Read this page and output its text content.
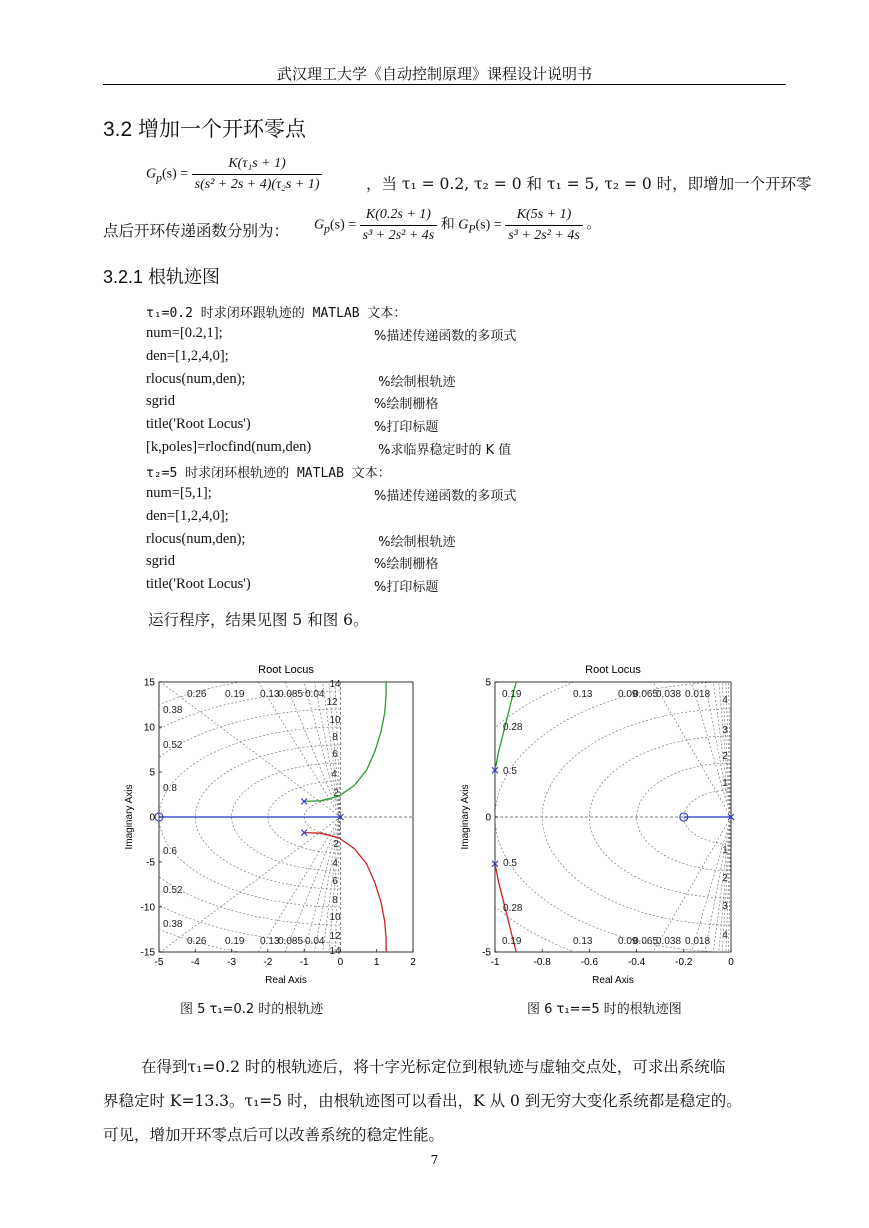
武汉理工大学《自动控制原理》课程设计说明书
3.2 增加一个开环零点
$G_p(s) = \frac{\text{K(τ₁s + 1)}}{\text{s(s² + 2s + 4)(τ₂s + 1)}}$	，当 τ₁ = 0.2, τ₂ = 0 和 τ₁ = 5, τ₂ = 0 时，即增加一个开环零
点后开环传递函数分别为： $G_p(s) = \frac{K(0.2s + 1)}{\text{s³ + 2s² + 4s}}$ 和 $G_P(s) = \frac{K(5s + 1)}{\text{s³ + 2s² + 4s}}$ 。
3.2.1 根轨迹图
τ₁=0.2 时求闭环跟轨迹的 MATLAB 文本：
num=[0.2,1];	%描述传递函数的多项式
den=[1,2,4,0];
rlocus(num,den);	%绘制根轨迹
sgrid	%绘制栅格
title('Root Locus')	%打印标题
[k,poles]=rlocfind(num,den)	%求临界稳定时的 K 值
τ₂=5 时求闭环根轨迹的 MATLAB 文本：
num=[5,1];	%描述传递函数的多项式
den=[1,2,4,0];
rlocus(num,den);	%绘制根轨迹
sgrid	%绘制栅格
title('Root Locus')	%打印标题
运行程序，结果见图 5 和图 6。
Root Locus
0.26 0.19 0.13
0.085 0.04
0.38
0.52
0.8
0.6
0.52
0.38
0.26 0.19 0.13
0.085 0.04
14
12
10
8
6
4
2
2
4
6
8
10
12
14
-5	-4	-3	-2	-1	0	1	2
15
10
5
0
-5
-10
-15
Real Axis
Imaginary Axis
Root Locus
0.19	0.13	0.09
0.065
0.038 0.018
0.28
0.5
0.5
0.28
0.19	0.13	0.09
0.065
0.038 0.018
4
3
2
1
1
2
3
4
-1	-0.8	-0.6	-0.4	-0.2	0
5
0
-5
Real Axis
Imaginary Axis
图 5 τ₁=0.2 时的根轨迹	图 6 τ₁==5 时的根轨迹图
在得到τ₁=0.2 时的根轨迹后，将十字光标定位到根轨迹与虚轴交点处，可求出系统临
界稳定时 K=13.3。τ₁=5 时，由根轨迹图可以看出，K 从 0 到无穷大变化系统都是稳定的。
可见，增加开环零点后可以改善系统的稳定性能。
7
